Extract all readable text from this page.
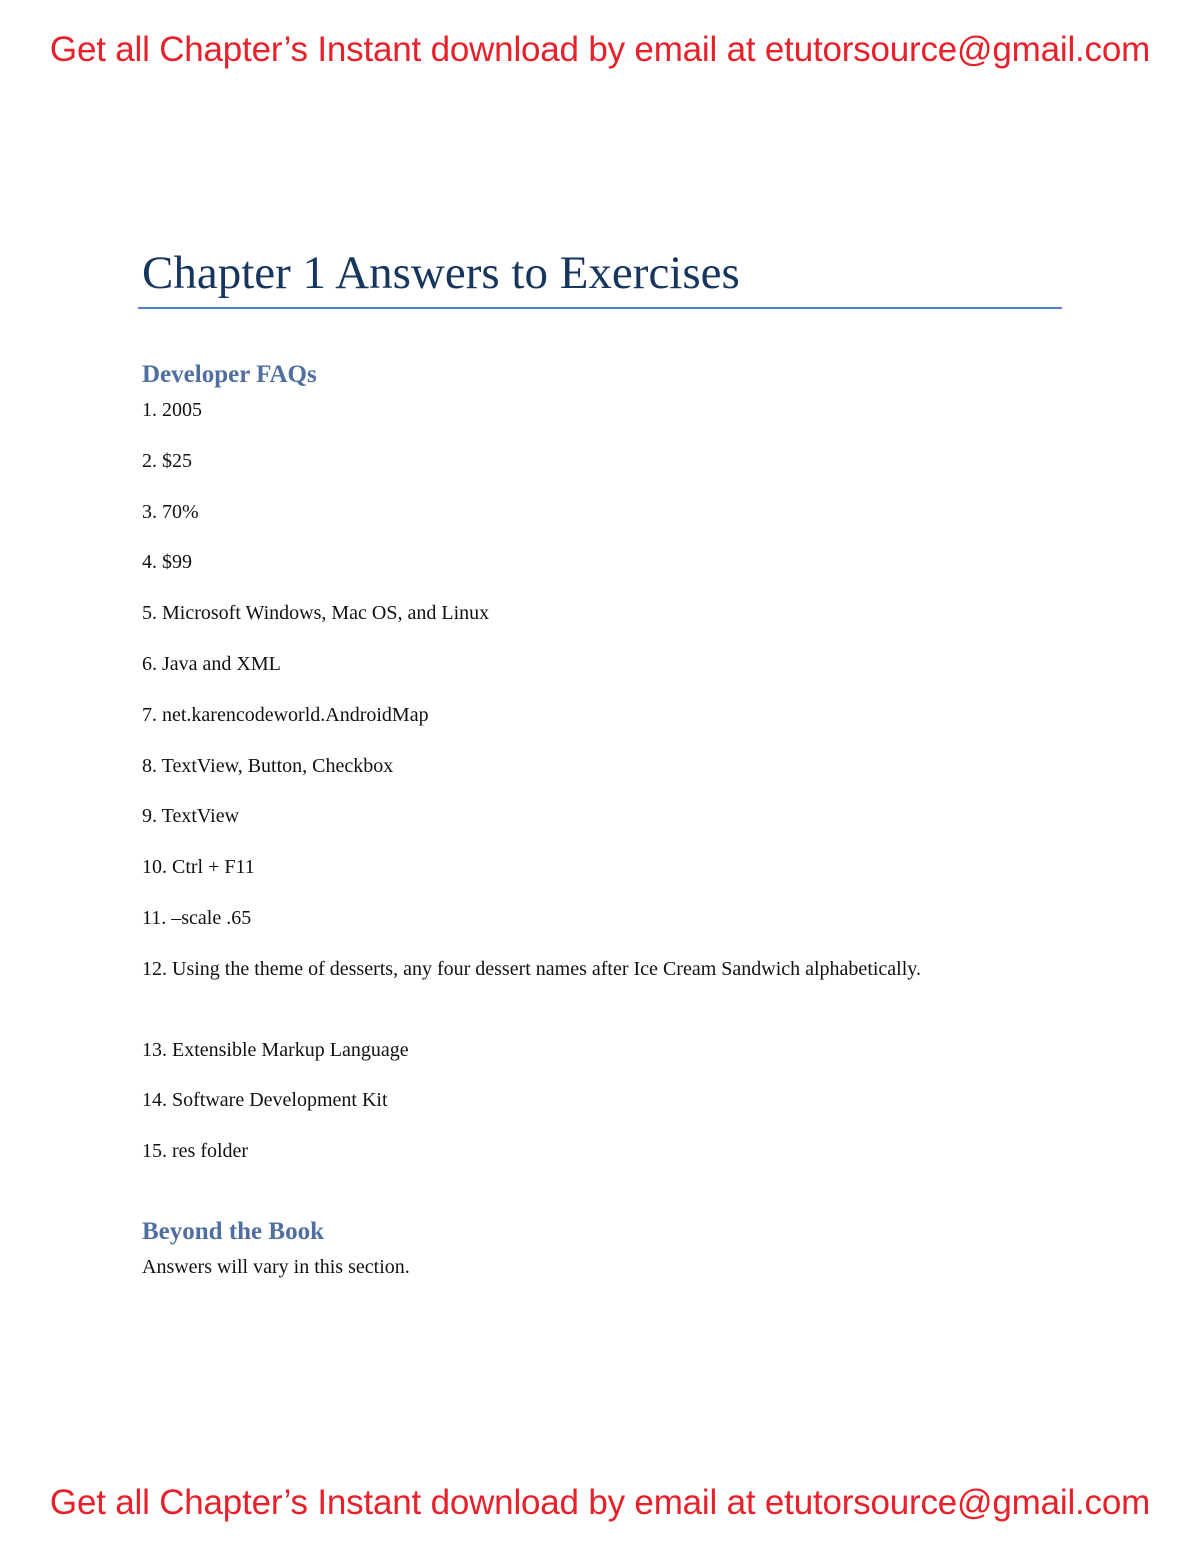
Get all Chapter’s Instant download by email at etutorsource@gmail.com
Chapter 1 Answers to Exercises
Developer FAQs
1. 2005
2. $25
3. 70%
4. $99
5. Microsoft Windows, Mac OS, and Linux
6. Java and XML
7. net.karencodeworld.AndroidMap
8. TextView, Button, Checkbox
9. TextView
10. Ctrl + F11
11. –scale .65
12. Using the theme of desserts, any four dessert names after Ice Cream Sandwich alphabetically.
13. Extensible Markup Language
14. Software Development Kit
15. res folder
Beyond the Book
Answers will vary in this section.
Get all Chapter’s Instant download by email at etutorsource@gmail.com
